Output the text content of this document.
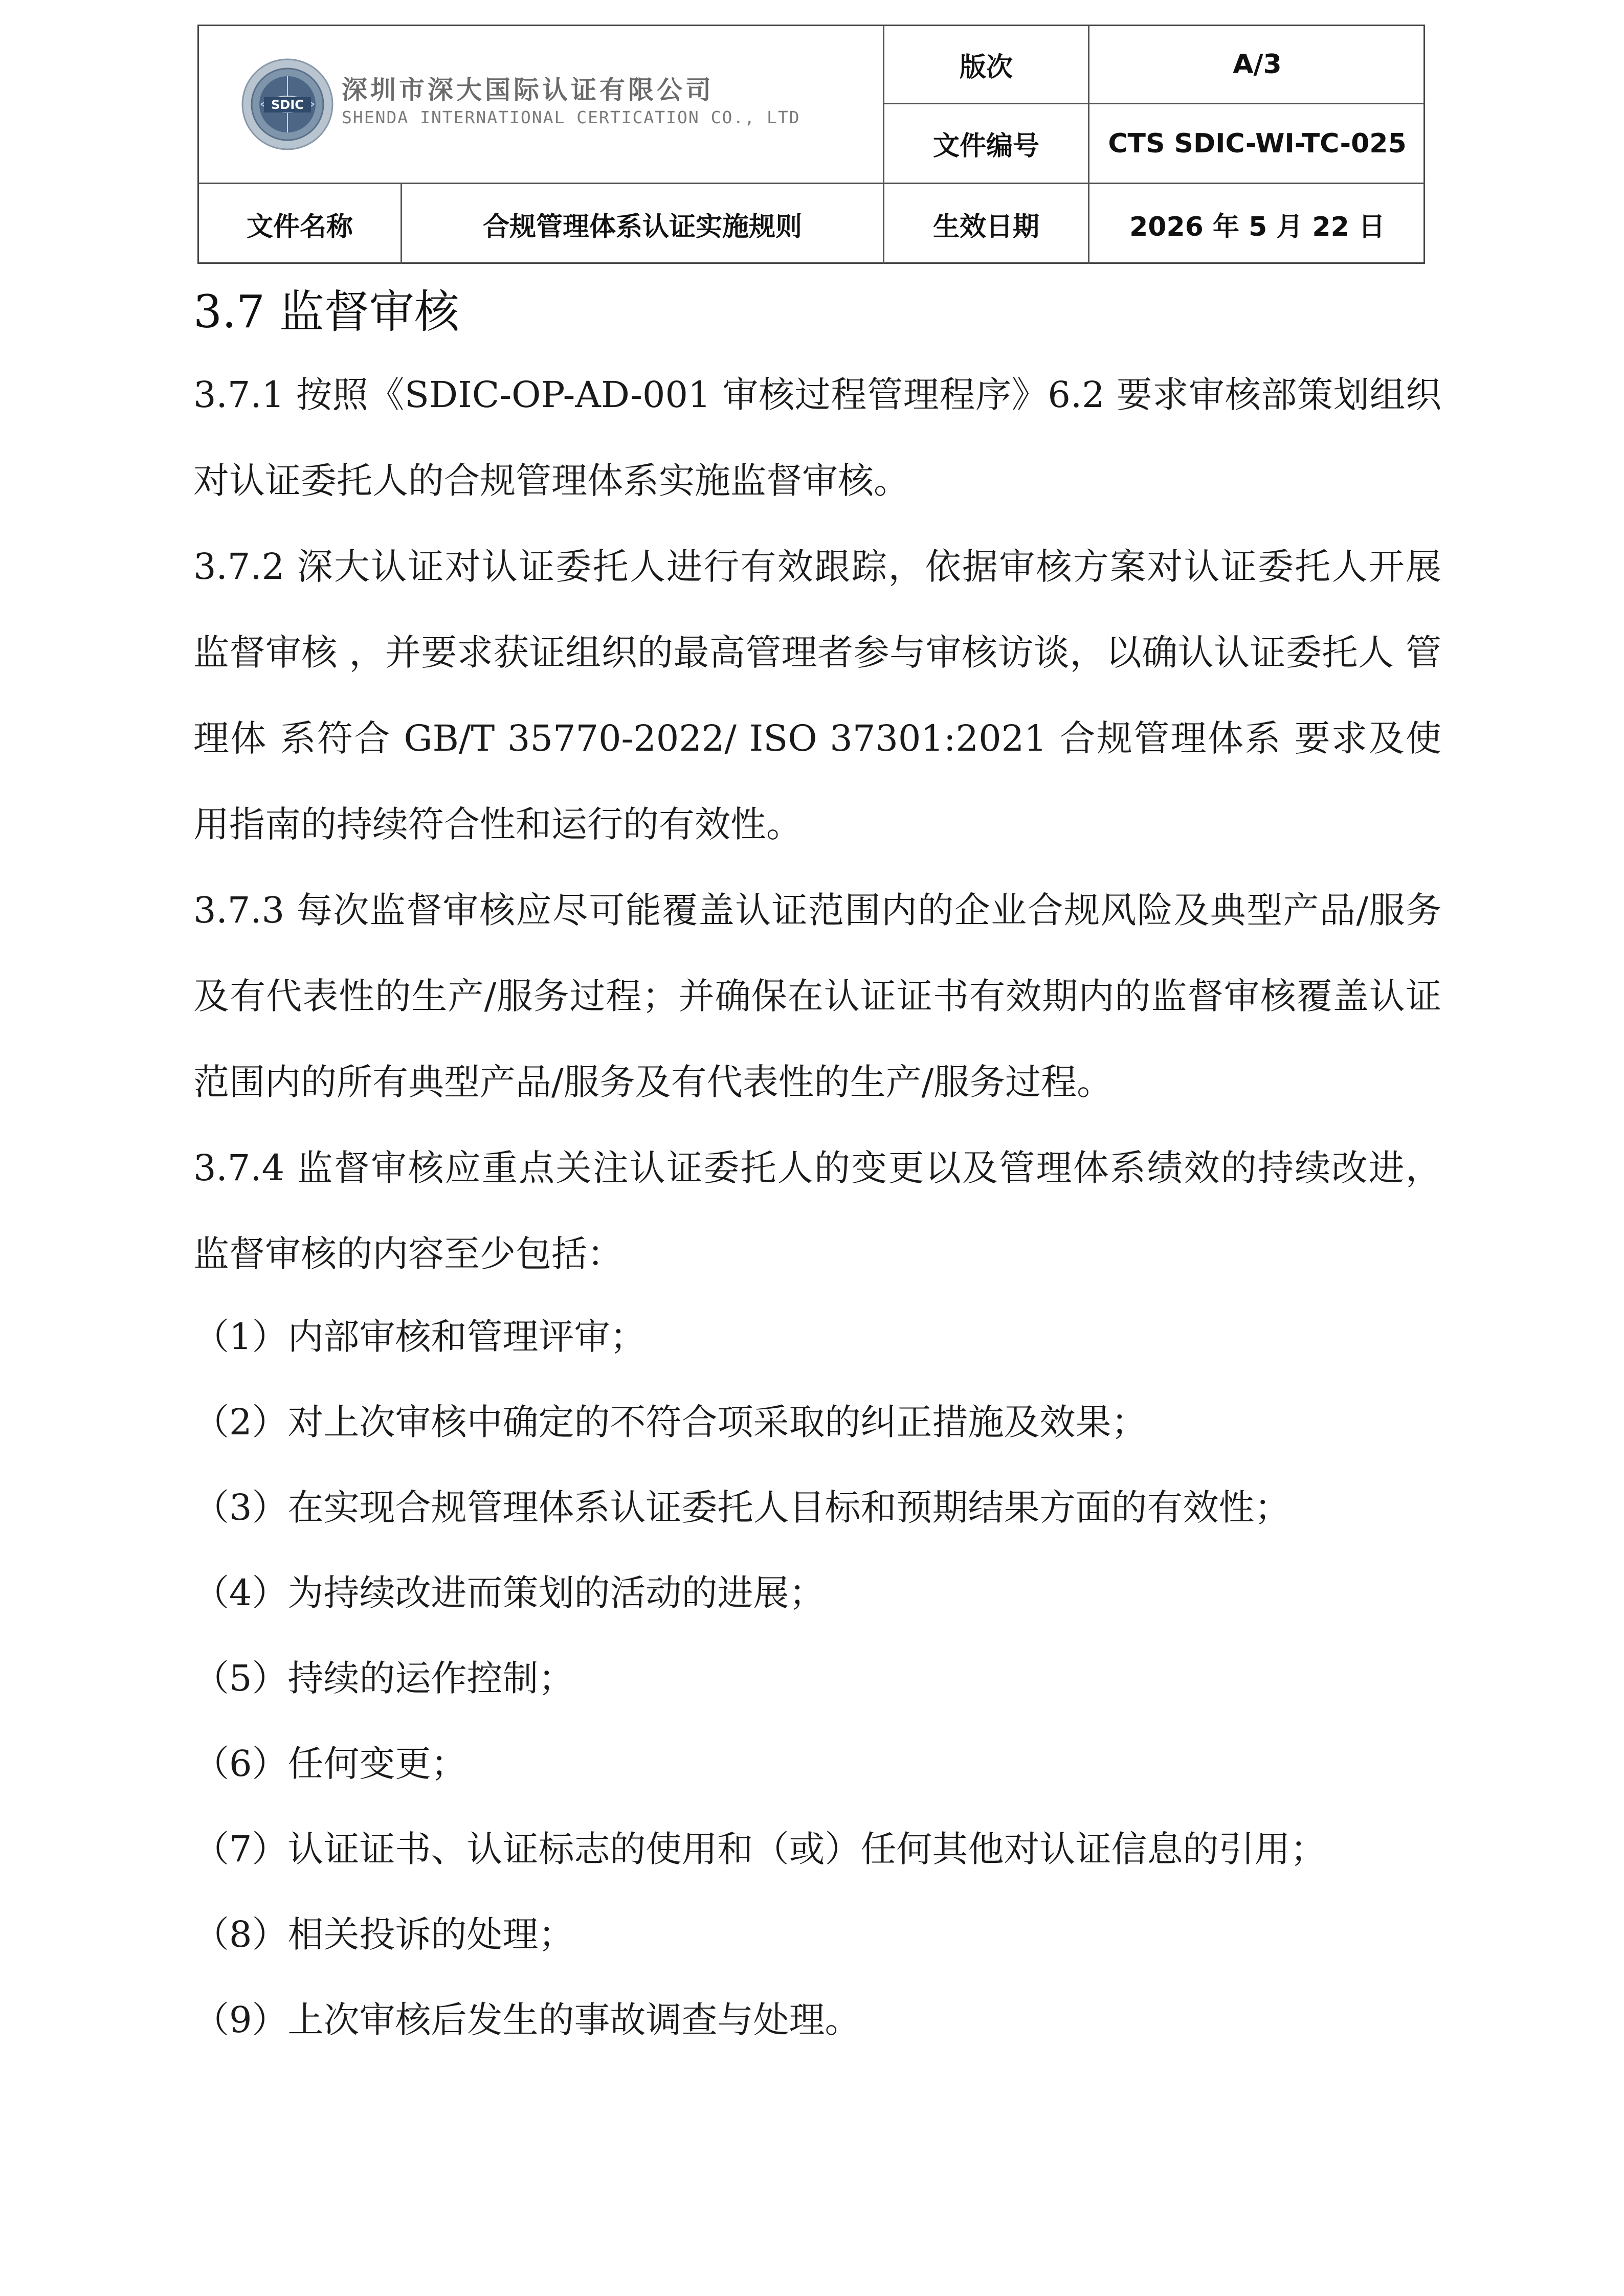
版次	A/3
文件编号	CTS SDIC-WI-TC-025
文件名称	合规管理体系认证实施规则	生效日期	2026 年 5 月 22 日
SDIC 深圳市深大国际认证有限公司
SHENDA INTERNATIONAL CERTICATION CO., LTD
3.7 监督审核
3.7.1 按照《SDIC-OP-AD-001 审核过程管理程序》6.2 要求审核部策划组织对认证委托人的合规管理体系实施监督审核。
3.7.2 深大认证对认证委托人进行有效跟踪，依据审核方案对认证委托人开展 监督审核 ，并要求获证组织的最高管理者参与审核访谈，以确认认证委托人 管理体 系符合 GB/T 35770-2022/ ISO 37301:2021 合规管理体系 要求及使用指南的持续符合性和运行的有效性。
3.7.3 每次监督审核应尽可能覆盖认证范围内的企业合规风险及典型产品/服务及有代表性的生产/服务过程；并确保在认证证书有效期内的监督审核覆盖认证范围内的所有典型产品/服务及有代表性的生产/服务过程。
3.7.4 监督审核应重点关注认证委托人的变更以及管理体系绩效的持续改进，监督审核的内容至少包括：
（1）内部审核和管理评审；
（2）对上次审核中确定的不符合项采取的纠正措施及效果；
（3）在实现合规管理体系认证委托人目标和预期结果方面的有效性；
（4）为持续改进而策划的活动的进展；
（5）持续的运作控制；
（6）任何变更；
（7）认证证书、认证标志的使用和（或）任何其他对认证信息的引用；
（8）相关投诉的处理；
（9）上次审核后发生的事故调查与处理。
